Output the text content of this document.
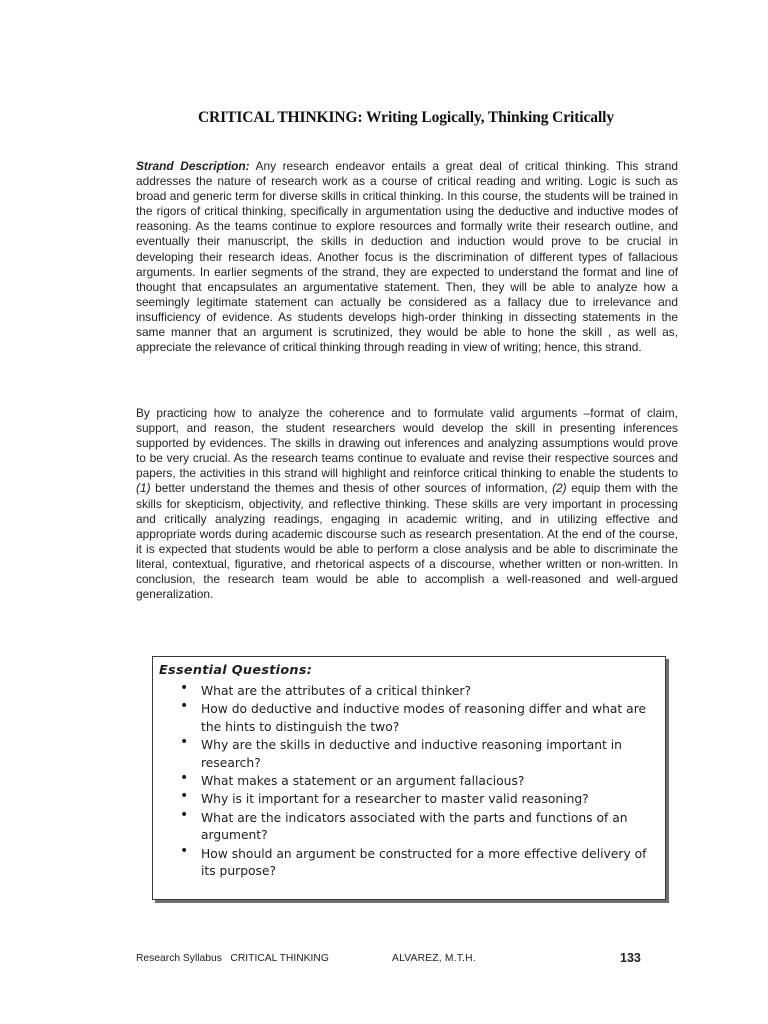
CRITICAL THINKING: Writing Logically, Thinking Critically

Strand Description: Any research endeavor entails a great deal of critical thinking. This strand addresses the nature of research work as a course of critical reading and writing. Logic is such as broad and generic term for diverse skills in critical thinking. In this course, the students will be trained in the rigors of critical thinking, specifically in argumentation using the deductive and inductive modes of reasoning. As the teams continue to explore resources and formally write their research outline, and eventually their manuscript, the skills in deduction and induction would prove to be crucial in developing their research ideas. Another focus is the discrimination of different types of fallacious arguments. In earlier segments of the strand, they are expected to understand the format and line of thought that encapsulates an argumentative statement. Then, they will be able to analyze how a seemingly legitimate statement can actually be considered as a fallacy due to irrelevance and insufficiency of evidence. As students develops high-order thinking in dissecting statements in the same manner that an argument is scrutinized, they would be able to hone the skill , as well as, appreciate the relevance of critical thinking through reading in view of writing; hence, this strand.

By practicing how to analyze the coherence and to formulate valid arguments –format of claim, support, and reason, the student researchers would develop the skill in presenting inferences supported by evidences. The skills in drawing out inferences and analyzing assumptions would prove to be very crucial. As the research teams continue to evaluate and revise their respective sources and papers, the activities in this strand will highlight and reinforce critical thinking to enable the students to (1) better understand the themes and thesis of other sources of information, (2) equip them with the skills for skepticism, objectivity, and reflective thinking. These skills are very important in processing and critically analyzing readings, engaging in academic writing, and in utilizing effective and appropriate words during academic discourse such as research presentation. At the end of the course, it is expected that students would be able to perform a close analysis and be able to discriminate the literal, contextual, figurative, and rhetorical aspects of a discourse, whether written or non-written. In conclusion, the research team would be able to accomplish a well-reasoned and well-argued generalization.

Essential Questions:

• What are the attributes of a critical thinker?
• How do deductive and inductive modes of reasoning differ and what are the hints to distinguish the two?
• Why are the skills in deductive and inductive reasoning important in research?
• What makes a statement or an argument fallacious?
• Why is it important for a researcher to master valid reasoning?
• What are the indicators associated with the parts and functions of an argument?
• How should an argument be constructed for a more effective delivery of its purpose?

Research Syllabus   CRITICAL THINKING	ALVAREZ, M.T.H.	133
